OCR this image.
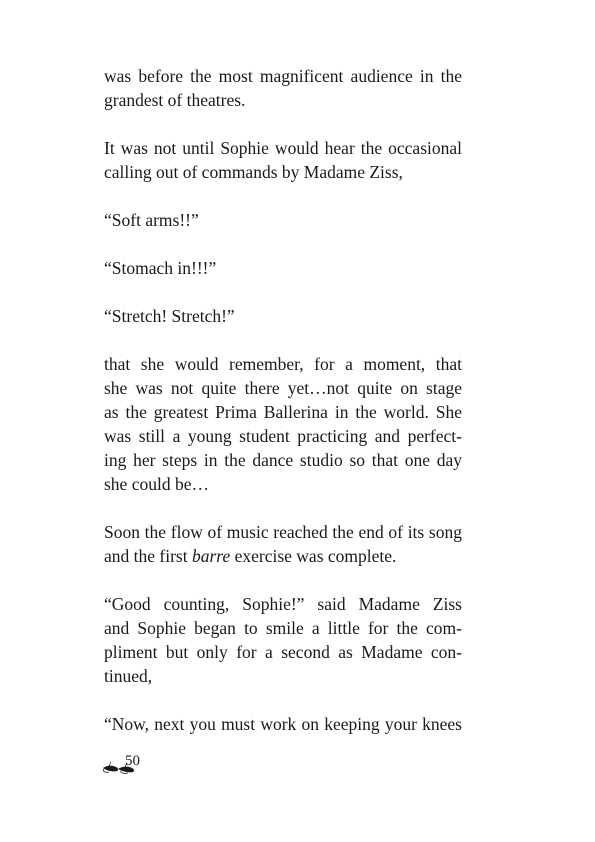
was before the most magnificent audience in the
grandest of theatres.
It was not until Sophie would hear the occasional
calling out of commands by Madame Ziss,
“Soft arms!!”
“Stomach in!!!”
“Stretch! Stretch!”
that she would remember, for a moment, that
she was not quite there yet…not quite on stage
as the greatest Prima Ballerina in the world. She
was still a young student practicing and perfect-
ing her steps in the dance studio so that one day
she could be…
Soon the flow of music reached the end of its song
and the first barre exercise was complete.
“Good counting, Sophie!” said Madame Ziss
and Sophie began to smile a little for the com-
pliment but only for a second as Madame con-
tinued,
“Now, next you must work on keeping your knees
50
